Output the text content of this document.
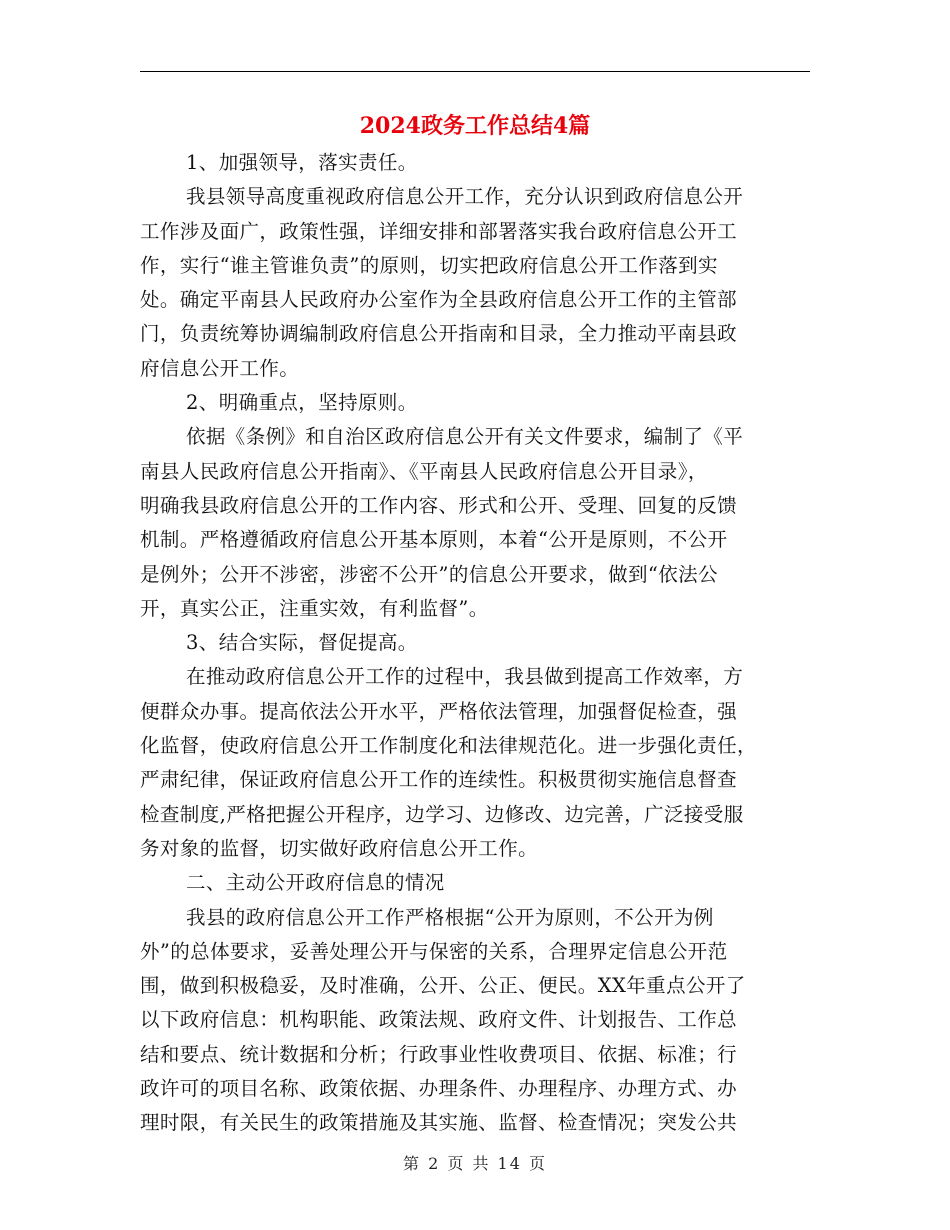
2024政务工作总结4篇
1、加强领导，落实责任。
我县领导高度重视政府信息公开工作，充分认识到政府信息公开
工作涉及面广，政策性强，详细安排和部署落实我台政府信息公开工
作，实行“谁主管谁负责”的原则，切实把政府信息公开工作落到实
处。确定平南县人民政府办公室作为全县政府信息公开工作的主管部
门，负责统筹协调编制政府信息公开指南和目录，全力推动平南县政
府信息公开工作。
2、明确重点，坚持原则。
依据《条例》和自治区政府信息公开有关文件要求，编制了《平
南县人民政府信息公开指南》、《平南县人民政府信息公开目录》，
明确我县政府信息公开的工作内容、形式和公开、受理、回复的反馈
机制。严格遵循政府信息公开基本原则，本着“公开是原则，不公开
是例外；公开不涉密，涉密不公开”的信息公开要求，做到“依法公
开，真实公正，注重实效，有利监督”。
3、结合实际，督促提高。
在推动政府信息公开工作的过程中，我县做到提高工作效率，方
便群众办事。提高依法公开水平，严格依法管理，加强督促检查，强
化监督，使政府信息公开工作制度化和法律规范化。进一步强化责任，
严肃纪律，保证政府信息公开工作的连续性。积极贯彻实施信息督查
检查制度,严格把握公开程序，边学习、边修改、边完善，广泛接受服
务对象的监督，切实做好政府信息公开工作。
二、主动公开政府信息的情况
我县的政府信息公开工作严格根据“公开为原则，不公开为例
外”的总体要求，妥善处理公开与保密的关系，合理界定信息公开范
围，做到积极稳妥，及时准确，公开、公正、便民。XX年重点公开了
以下政府信息：机构职能、政策法规、政府文件、计划报告、工作总
结和要点、统计数据和分析；行政事业性收费项目、依据、标准；行
政许可的项目名称、政策依据、办理条件、办理程序、办理方式、办
理时限，有关民生的政策措施及其实施、监督、检查情况；突发公共
第 2 页 共 14 页
